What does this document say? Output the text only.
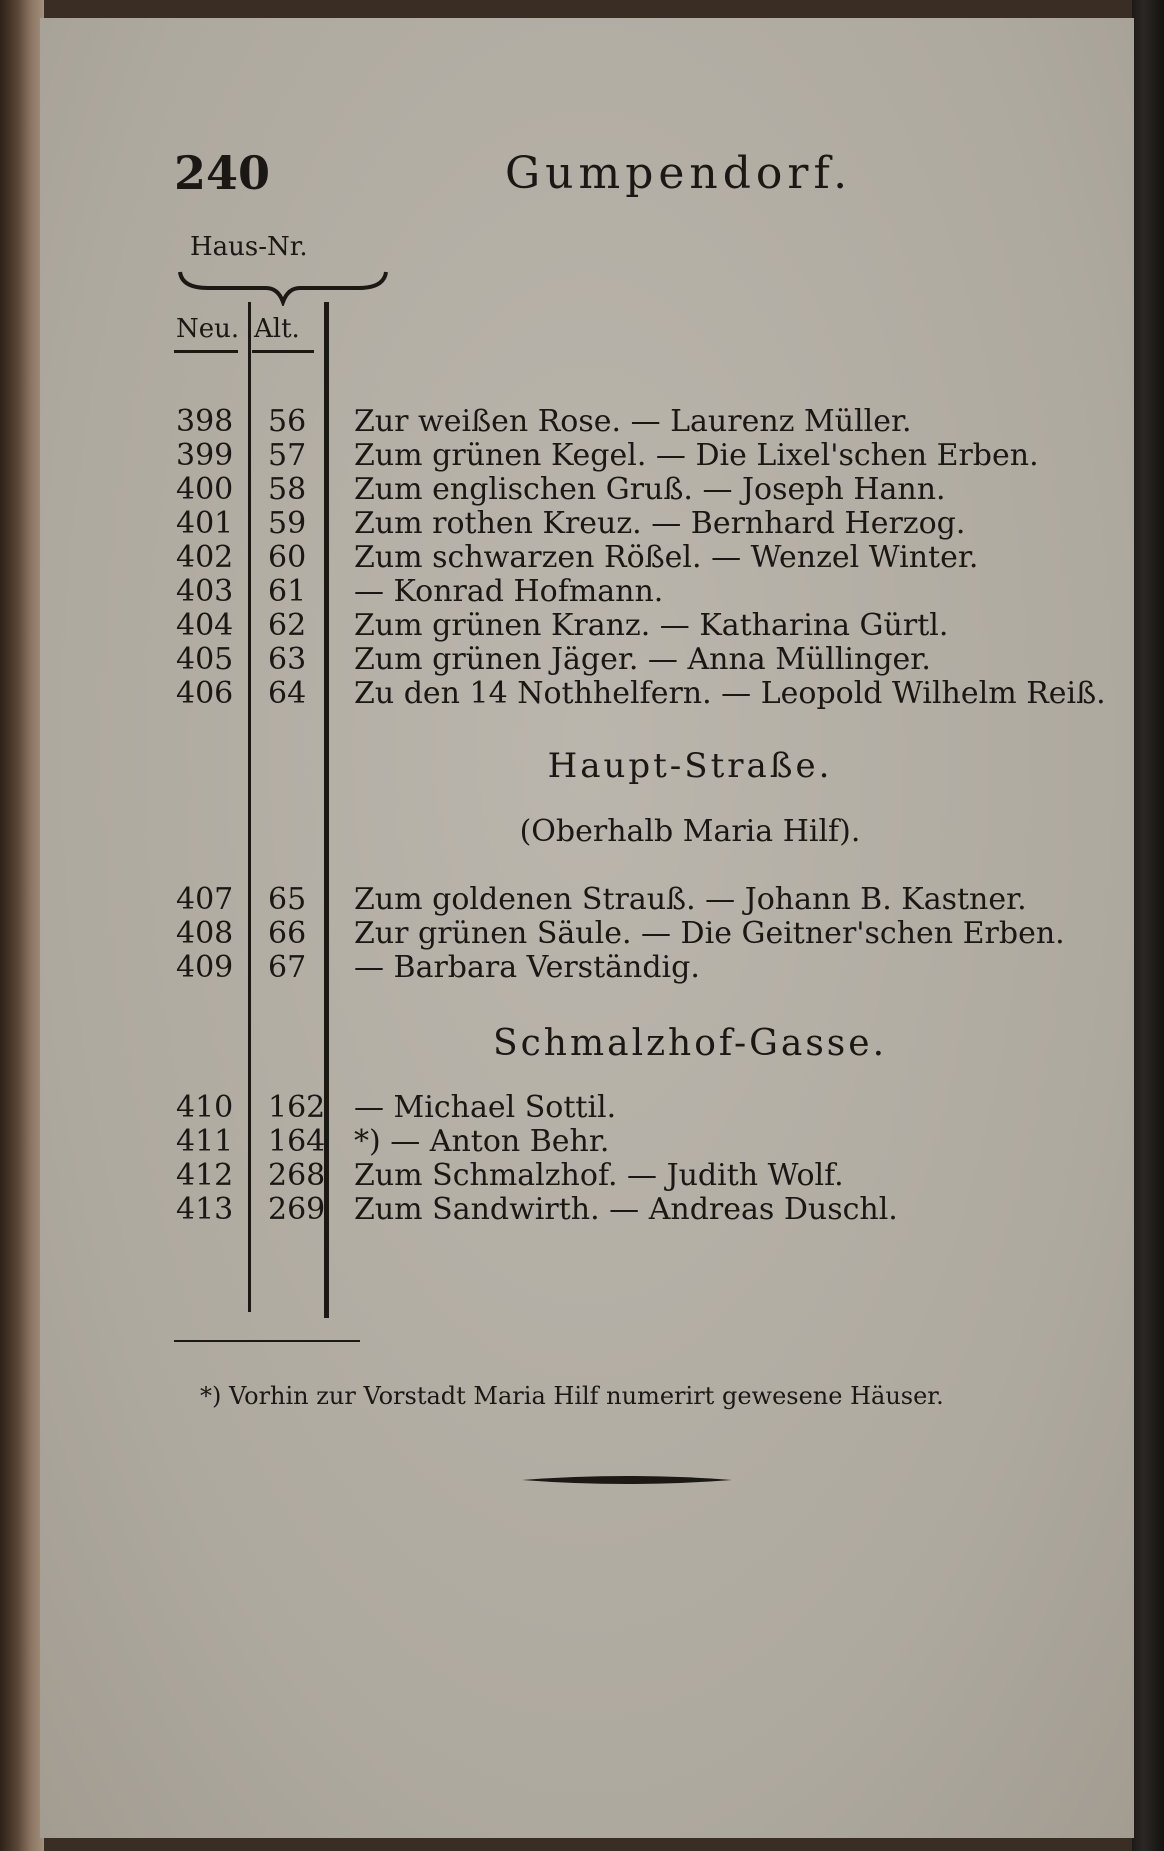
240	Gumpendorf.
Haus-Nr.
Neu. Alt.
398	56	Zur weißen Rose. — Laurenz Müller.
399	57	Zum grünen Kegel. — Die Lixel'schen Erben.
400	58	Zum englischen Gruß. — Joseph Hann.
401	59	Zum rothen Kreuz. — Bernhard Herzog.
402	60	Zum schwarzen Rößel. — Wenzel Winter.
403	61	— Konrad Hofmann.
404	62	Zum grünen Kranz. — Katharina Gürtl.
405	63	Zum grünen Jäger. — Anna Müllinger.
406	64	Zu den 14 Nothhelfern. — Leopold Wilhelm Reiß.
Haupt-Straße.
(Oberhalb Maria Hilf).
407	65	Zum goldenen Strauß. — Johann B. Kastner.
408	66	Zur grünen Säule. — Die Geitner'schen Erben.
409	67	— Barbara Verständig.
Schmalzhof-Gasse.
410	162 — Michael Sottil.
411	164 *) — Anton Behr.
412	268 Zum Schmalzhof. — Judith Wolf.
413	269 Zum Sandwirth. — Andreas Duschl.
*) Vorhin zur Vorstadt Maria Hilf numerirt gewesene Häuser.
